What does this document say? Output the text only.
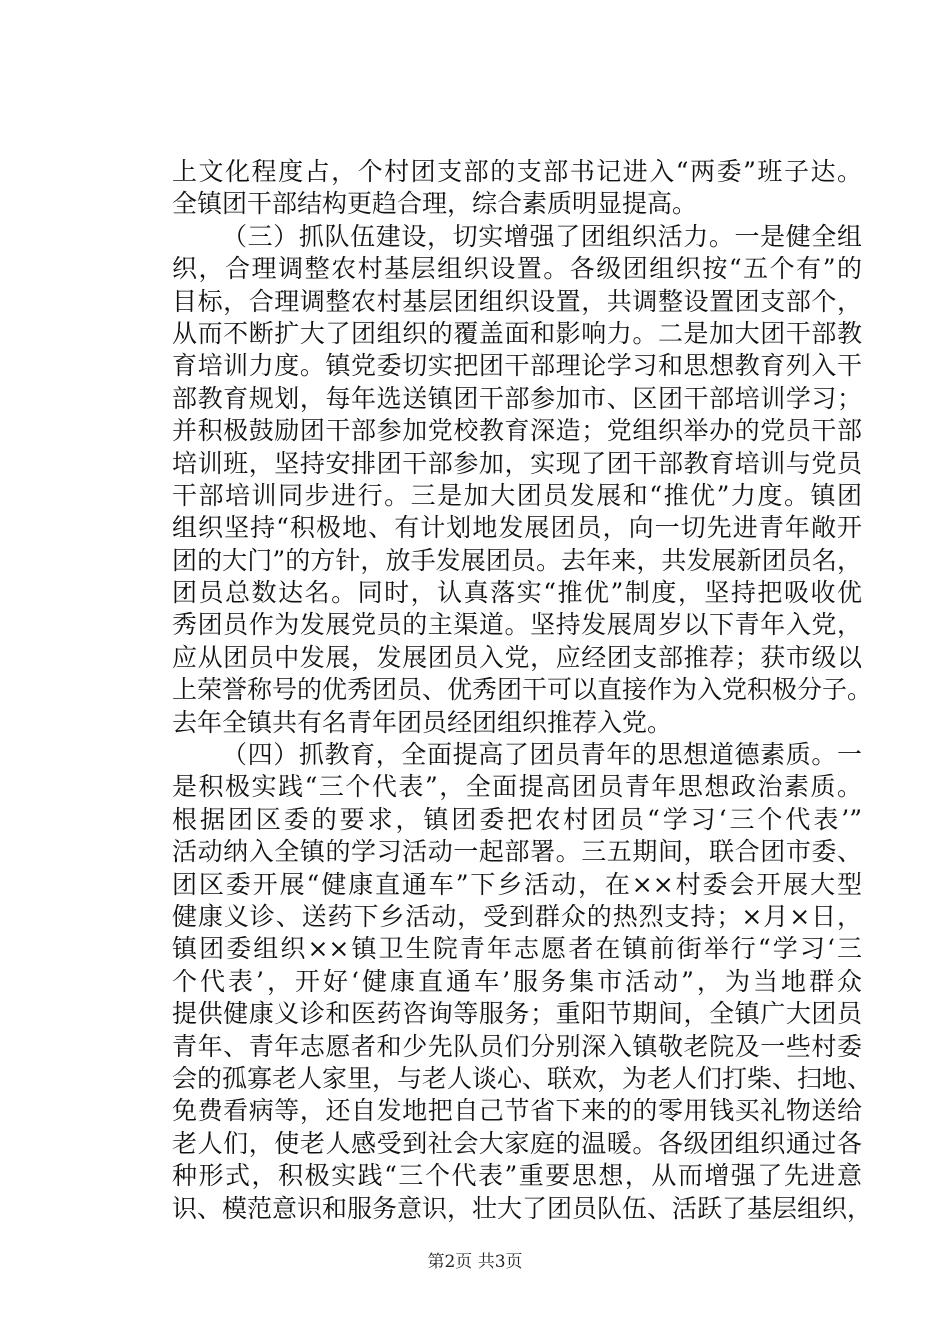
上文化程度占，个村团支部的支部书记进入“两委”班子达。
全镇团干部结构更趋合理，综合素质明显提高。
（三）抓队伍建设，切实增强了团组织活力。一是健全组
织，合理调整农村基层组织设置。各级团组织按“五个有”的
目标，合理调整农村基层团组织设置，共调整设置团支部个，
从而不断扩大了团组织的覆盖面和影响力。二是加大团干部教
育培训力度。镇党委切实把团干部理论学习和思想教育列入干
部教育规划，每年选送镇团干部参加市、区团干部培训学习；
并积极鼓励团干部参加党校教育深造；党组织举办的党员干部
培训班，坚持安排团干部参加，实现了团干部教育培训与党员
干部培训同步进行。三是加大团员发展和“推优”力度。镇团
组织坚持“积极地、有计划地发展团员，向一切先进青年敞开
团的大门”的方针，放手发展团员。去年来，共发展新团员名，
团员总数达名。同时，认真落实“推优”制度，坚持把吸收优
秀团员作为发展党员的主渠道。坚持发展周岁以下青年入党，
应从团员中发展，发展团员入党，应经团支部推荐；获市级以
上荣誉称号的优秀团员、优秀团干可以直接作为入党积极分子。
去年全镇共有名青年团员经团组织推荐入党。
（四）抓教育，全面提高了团员青年的思想道德素质。一
是积极实践“三个代表”，全面提高团员青年思想政治素质。
根据团区委的要求，镇团委把农村团员“学习‘三个代表’”
活动纳入全镇的学习活动一起部署。三五期间，联合团市委、
团区委开展“健康直通车”下乡活动，在××村委会开展大型
健康义诊、送药下乡活动，受到群众的热烈支持；×月×日，
镇团委组织××镇卫生院青年志愿者在镇前街举行“学习‘三
个代表’，开好‘健康直通车’服务集市活动”，为当地群众
提供健康义诊和医药咨询等服务；重阳节期间，全镇广大团员
青年、青年志愿者和少先队员们分别深入镇敬老院及一些村委
会的孤寡老人家里，与老人谈心、联欢，为老人们打柴、扫地、
免费看病等，还自发地把自己节省下来的的零用钱买礼物送给
老人们，使老人感受到社会大家庭的温暖。各级团组织通过各
种形式，积极实践“三个代表”重要思想，从而增强了先进意
识、模范意识和服务意识，壮大了团员队伍、活跃了基层组织，
第2页 共3页
